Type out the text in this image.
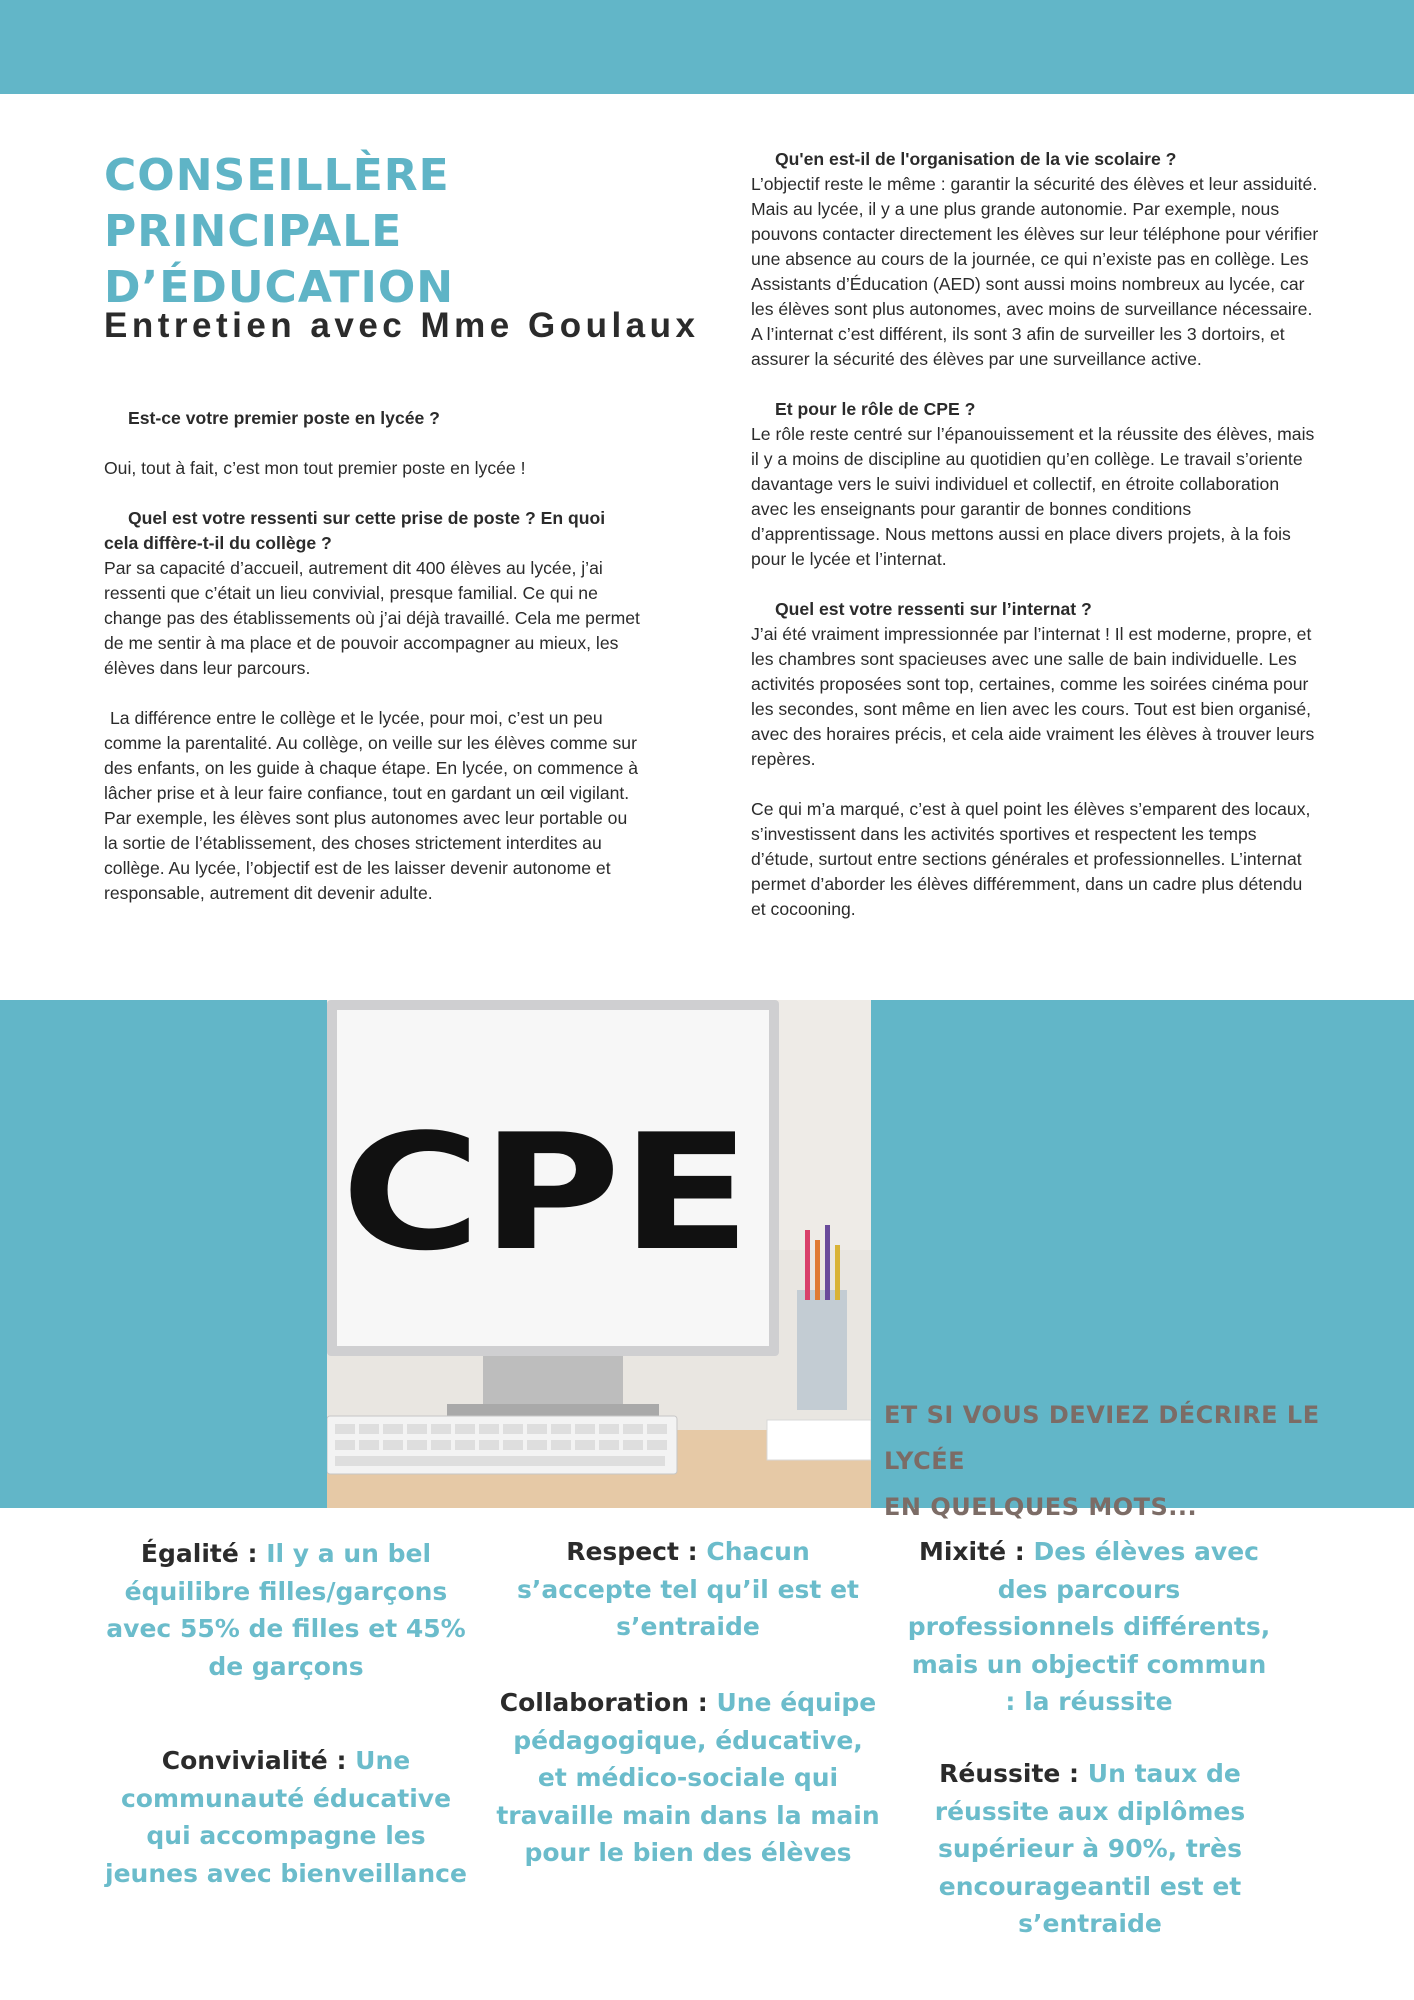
CONSEILLÈRE PRINCIPALE D’ÉDUCATION
Entretien avec Mme Goulaux

Est-ce votre premier poste en lycée ?

Oui, tout à fait, c’est mon tout premier poste en lycée !

Quel est votre ressenti sur cette prise de poste ? En quoi cela diffère-t-il du collège ?

Par sa capacité d’accueil, autrement dit 400 élèves au lycée, j’ai ressenti que c’était un lieu convivial, presque familial. Ce qui ne change pas des établissements où j’ai déjà travaillé. Cela me permet de me sentir à ma place et de pouvoir accompagner au mieux, les élèves dans leur parcours.

La différence entre le collège et le lycée, pour moi, c’est un peu comme la parentalité. Au collège, on veille sur les élèves comme sur des enfants, on les guide à chaque étape. En lycée, on commence à lâcher prise et à leur faire confiance, tout en gardant un œil vigilant. Par exemple, les élèves sont plus autonomes avec leur portable ou la sortie de l’établissement, des choses strictement interdites au collège. Au lycée, l’objectif est de les laisser devenir autonome et responsable, autrement dit devenir adulte.

Qu'en est-il de l'organisation de la vie scolaire ?

L’objectif reste le même : garantir la sécurité des élèves et leur assiduité. Mais au lycée, il y a une plus grande autonomie. Par exemple, nous pouvons contacter directement les élèves sur leur téléphone pour vérifier une absence au cours de la journée, ce qui n’existe pas en collège. Les Assistants d’Éducation (AED) sont aussi moins nombreux au lycée, car les élèves sont plus autonomes, avec moins de surveillance nécessaire. A l’internat c’est différent, ils sont 3 afin de surveiller les 3 dortoirs, et assurer la sécurité des élèves par une surveillance active.

Et pour le rôle de CPE ?

Le rôle reste centré sur l’épanouissement et la réussite des élèves, mais il y a moins de discipline au quotidien qu’en collège. Le travail s’oriente davantage vers le suivi individuel et collectif, en étroite collaboration avec les enseignants pour garantir de bonnes conditions d’apprentissage. Nous mettons aussi en place divers projets, à la fois pour le lycée et l’internat.

Quel est votre ressenti sur l’internat ?

J’ai été vraiment impressionnée par l’internat ! Il est moderne, propre, et les chambres sont spacieuses avec une salle de bain individuelle. Les activités proposées sont top, certaines, comme les soirées cinéma pour les secondes, sont même en lien avec les cours. Tout est bien organisé, avec des horaires précis, et cela aide vraiment les élèves à trouver leurs repères.

Ce qui m’a marqué, c’est à quel point les élèves s’emparent des locaux, s’investissent dans les activités sportives et respectent les temps d’étude, surtout entre sections générales et professionnelles. L’internat permet d’aborder les élèves différemment, dans un cadre plus détendu et cocooning.

CPE

ET SI VOUS DEVIEZ DÉCRIRE LE LYCÉE
EN QUELQUES MOTS...

Égalité : Il y a un bel équilibre filles/garçons avec 55% de filles et 45% de garçons

Convivialité : Une communauté éducative qui accompagne les jeunes avec bienveillance

Respect : Chacun s’accepte tel qu’il est et s’entraide

Collaboration : Une équipe pédagogique, éducative, et médico-sociale qui travaille main dans la main pour le bien des élèves

Mixité : Des élèves avec des parcours professionnels différents, mais un objectif commun : la réussite

Réussite : Un taux de réussite aux diplômes supérieur à 90%, très encourageantil est et s’entraide
